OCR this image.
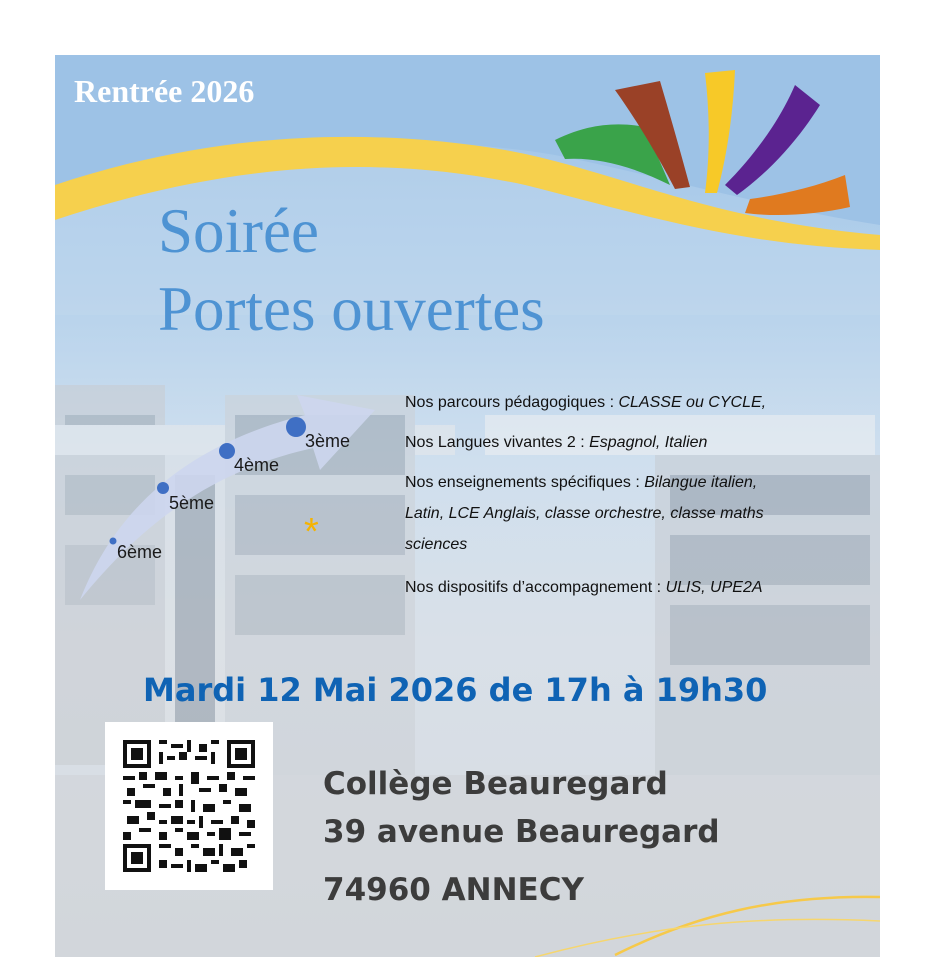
Rentrée 2026
Soirée
Portes ouvertes
6ème
5ème
4ème
3ème
*

Nos parcours pédagogiques : CLASSE ou CYCLE,

Nos Langues vivantes 2 : Espagnol, Italien

Nos enseignements spécifiques : Bilangue italien,

Latin, LCE Anglais, classe orchestre, classe maths
sciences

Nos dispositifs d’accompagnement : ULIS, UPE2A

Mardi 12 Mai 2026 de 17h à 19h30
Collège Beauregard
39 avenue Beauregard
74960 ANNECY
